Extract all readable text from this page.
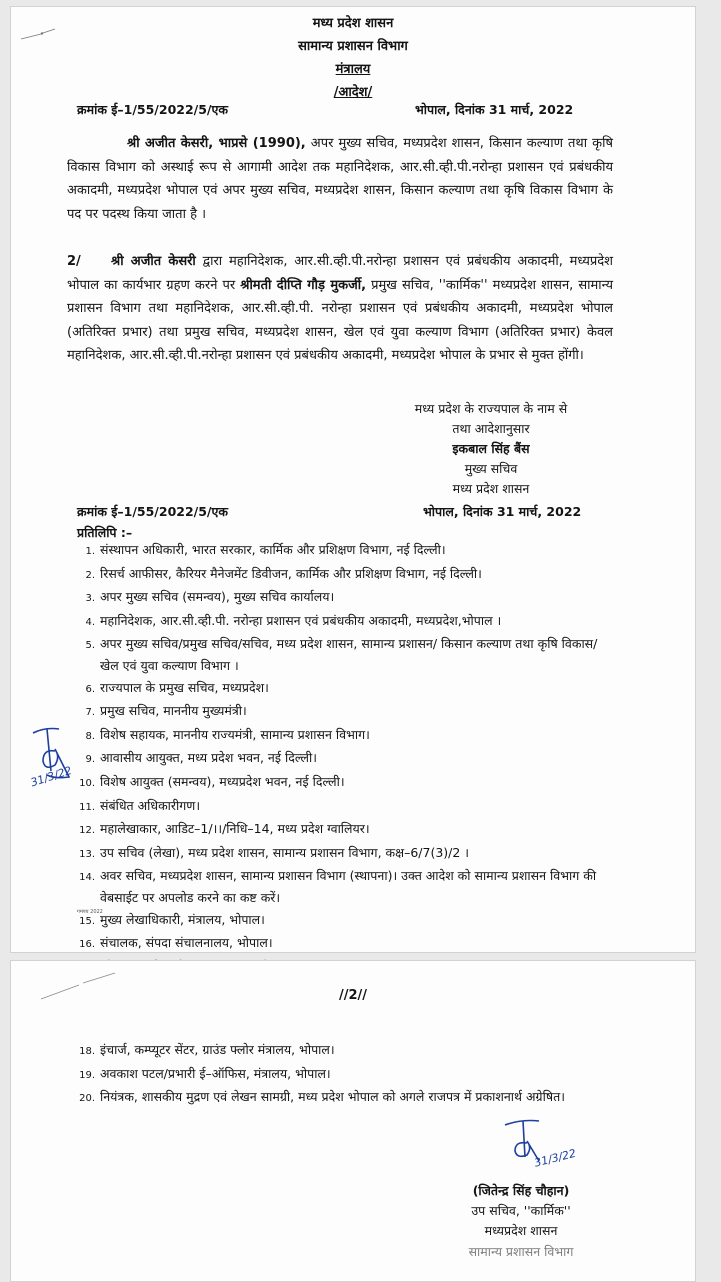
मध्य प्रदेश शासन
सामान्य प्रशासन विभाग
मंत्रालय
/आदेश/
क्रमांक ई–1/55/2022/5/एक	भोपाल, दिनांक 31 मार्च, 2022
श्री अजीत केसरी, भाप्रसे (1990), अपर मुख्य सचिव, मध्यप्रदेश शासन, किसान कल्याण तथा कृषि विकास विभाग को अस्थाई रूप से आगामी आदेश तक महानिदेशक, आर.सी.व्ही.पी.नरोन्हा प्रशासन एवं प्रबंधकीय अकादमी, मध्यप्रदेश भोपाल एवं अपर मुख्य सचिव, मध्यप्रदेश शासन, किसान कल्याण तथा कृषि विकास विभाग के पद पर पदस्थ किया जाता है ।
2/ श्री अजीत केसरी द्वारा महानिदेशक, आर.सी.व्ही.पी.नरोन्हा प्रशासन एवं प्रबंधकीय अकादमी, मध्यप्रदेश भोपाल का कार्यभार ग्रहण करने पर श्रीमती दीप्ति गौड़ मुकर्जी, प्रमुख सचिव, ''कार्मिक'' मध्यप्रदेश शासन, सामान्य प्रशासन विभाग तथा महानिदेशक, आर.सी.व्ही.पी. नरोन्हा प्रशासन एवं प्रबंधकीय अकादमी, मध्यप्रदेश भोपाल (अतिरिक्त प्रभार) तथा प्रमुख सचिव, मध्यप्रदेश शासन, खेल एवं युवा कल्याण विभाग (अतिरिक्त प्रभार) केवल महानिदेशक, आर.सी.व्ही.पी.नरोन्हा प्रशासन एवं प्रबंधकीय अकादमी, मध्यप्रदेश भोपाल के प्रभार से मुक्त होंगी।
मध्य प्रदेश के राज्यपाल के नाम से
तथा आदेशानुसार
इकबाल सिंह बैंस
मुख्य सचिव
मध्य प्रदेश शासन
क्रमांक ई–1/55/2022/5/एक	भोपाल, दिनांक 31 मार्च, 2022
प्रतिलिपि :–
1. संस्थापन अधिकारी, भारत सरकार, कार्मिक और प्रशिक्षण विभाग, नई दिल्ली।
2. रिसर्च आफीसर, कैरियर मैनेजमेंट डिवीजन, कार्मिक और प्रशिक्षण विभाग, नई दिल्ली।
3. अपर मुख्य सचिव (समन्वय), मुख्य सचिव कार्यालय।
4. महानिदेशक, आर.सी.व्ही.पी. नरोन्हा प्रशासन एवं प्रबंधकीय अकादमी, मध्यप्रदेश,भोपाल ।
5. अपर मुख्य सचिव/प्रमुख सचिव/सचिव, मध्य प्रदेश शासन, सामान्य प्रशासन/ किसान कल्याण तथा कृषि विकास/खेल एवं युवा कल्याण विभाग ।
6. राज्यपाल के प्रमुख सचिव, मध्यप्रदेश।
7. प्रमुख सचिव, माननीय मुख्यमंत्री।
8. विशेष सहायक, माननीय राज्यमंत्री, सामान्य प्रशासन विभाग।
9. आवासीय आयुक्त, मध्य प्रदेश भवन, नई दिल्ली।
10. विशेष आयुक्त (समन्वय), मध्यप्रदेश भवन, नई दिल्ली।
11. संबंधित अधिकारीगण।
12. महालेखाकार, आडिट–1/।।/निधि–14, मध्य प्रदेश ग्वालियर।
13. उप सचिव (लेखा), मध्य प्रदेश शासन, सामान्य प्रशासन विभाग, कक्ष–6/7(3)/2 ।
14. अवर सचिव, मध्यप्रदेश शासन, सामान्य प्रशासन विभाग (स्थापना)। उक्त आदेश को सामान्य प्रशासन विभाग की वेबसाईट पर अपलोड करने का कष्ट करें।
15. मुख्य लेखाधिकारी, मंत्रालय, भोपाल।
16. संचालक, संपदा संचालनालय, भोपाल।
गमपय 2022
31/3/22
//2//
18. इंचार्ज, कम्प्यूटर सेंटर, ग्राउंड फ्लोर मंत्रालय, भोपाल।
19. अवकाश पटल/प्रभारी ई–ऑफिस, मंत्रालय, भोपाल।
20. नियंत्रक, शासकीय मुद्रण एवं लेखन सामग्री, मध्य प्रदेश भोपाल को अगले राजपत्र में प्रकाशनार्थ अग्रेषित।
31/3/22
(जितेन्द्र सिंह चौहान)
उप सचिव, ''कार्मिक''
मध्यप्रदेश शासन
सामान्य प्रशासन विभाग
